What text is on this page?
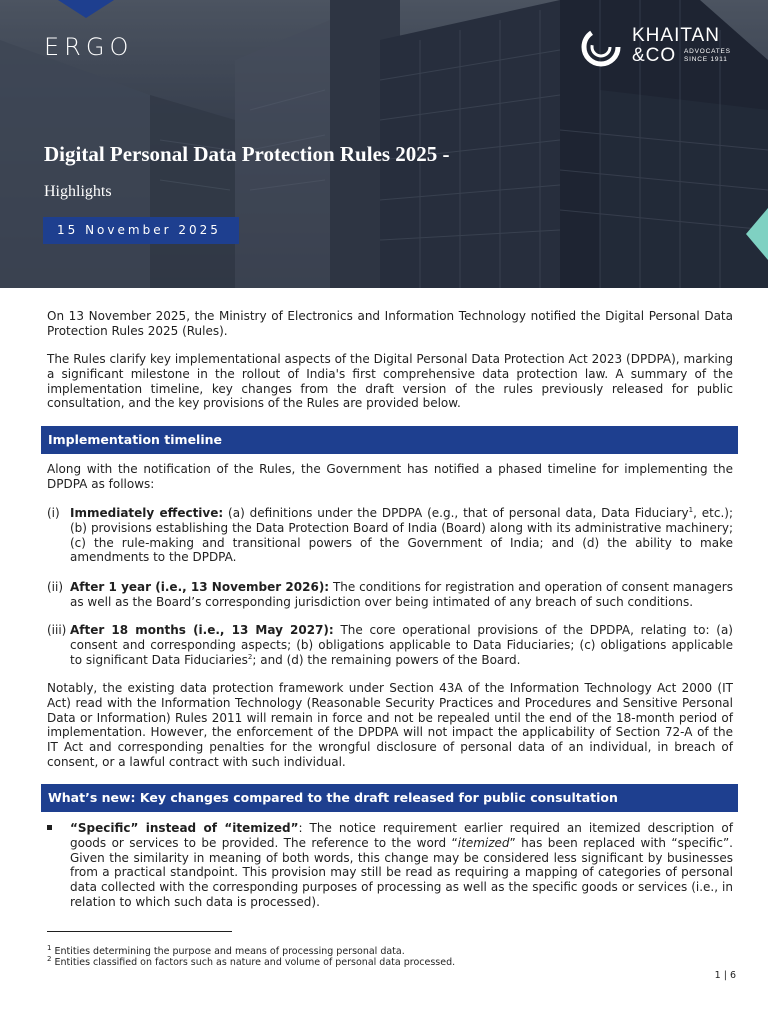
ERGO	KHAITAN
&CO ADVOCATES
SINCE 1911
Digital Personal Data Protection Rules 2025 -
Highlights
15 November 2025

On 13 November 2025, the Ministry of Electronics and Information Technology notified the Digital Personal Data Protection Rules 2025 (Rules).

The Rules clarify key implementational aspects of the Digital Personal Data Protection Act 2023 (DPDPA), marking a significant milestone in the rollout of India's first comprehensive data protection law. A summary of the implementation timeline, key changes from the draft version of the rules previously released for public consultation, and the key provisions of the Rules are provided below.

Implementation timeline

Along with the notification of the Rules, the Government has notified a phased timeline for implementing the DPDPA as follows:

(i) Immediately effective: (a) definitions under the DPDPA (e.g., that of personal data, Data Fiduciary$^1$, etc.); (b) provisions establishing the Data Protection Board of India (Board) along with its administrative machinery; (c) the rule-making and transitional powers of the Government of India; and (d) the ability to make amendments to the DPDPA.
(ii) After 1 year (i.e., 13 November 2026): The conditions for registration and operation of consent managers as well as the Board’s corresponding jurisdiction over being intimated of any breach of such conditions.
(iii) After 18 months (i.e., 13 May 2027): The core operational provisions of the DPDPA, relating to: (a) consent and corresponding aspects; (b) obligations applicable to Data Fiduciaries; (c) obligations applicable to significant Data Fiduciaries$^2$; and (d) the remaining powers of the Board.

Notably, the existing data protection framework under Section 43A of the Information Technology Act 2000 (IT Act) read with the Information Technology (Reasonable Security Practices and Procedures and Sensitive Personal Data or Information) Rules 2011 will remain in force and not be repealed until the end of the 18-month period of implementation. However, the enforcement of the DPDPA will not impact the applicability of Section 72-A of the IT Act and corresponding penalties for the wrongful disclosure of personal data of an individual, in breach of consent, or a lawful contract with such individual.

What’s new: Key changes compared to the draft released for public consultation
“Specific” instead of “itemized”: The notice requirement earlier required an itemized description of goods or services to be provided. The reference to the word “itemized” has been replaced with “specific”. Given the similarity in meaning of both words, this change may be considered less significant by businesses from a practical standpoint. This provision may still be read as requiring a mapping of categories of personal data collected with the corresponding purposes of processing as well as the specific goods or services (i.e., in relation to which such data is processed).
$^1$ Entities determining the purpose and means of processing personal data.
$^2$ Entities classified on factors such as nature and volume of personal data processed.
1 | 6
